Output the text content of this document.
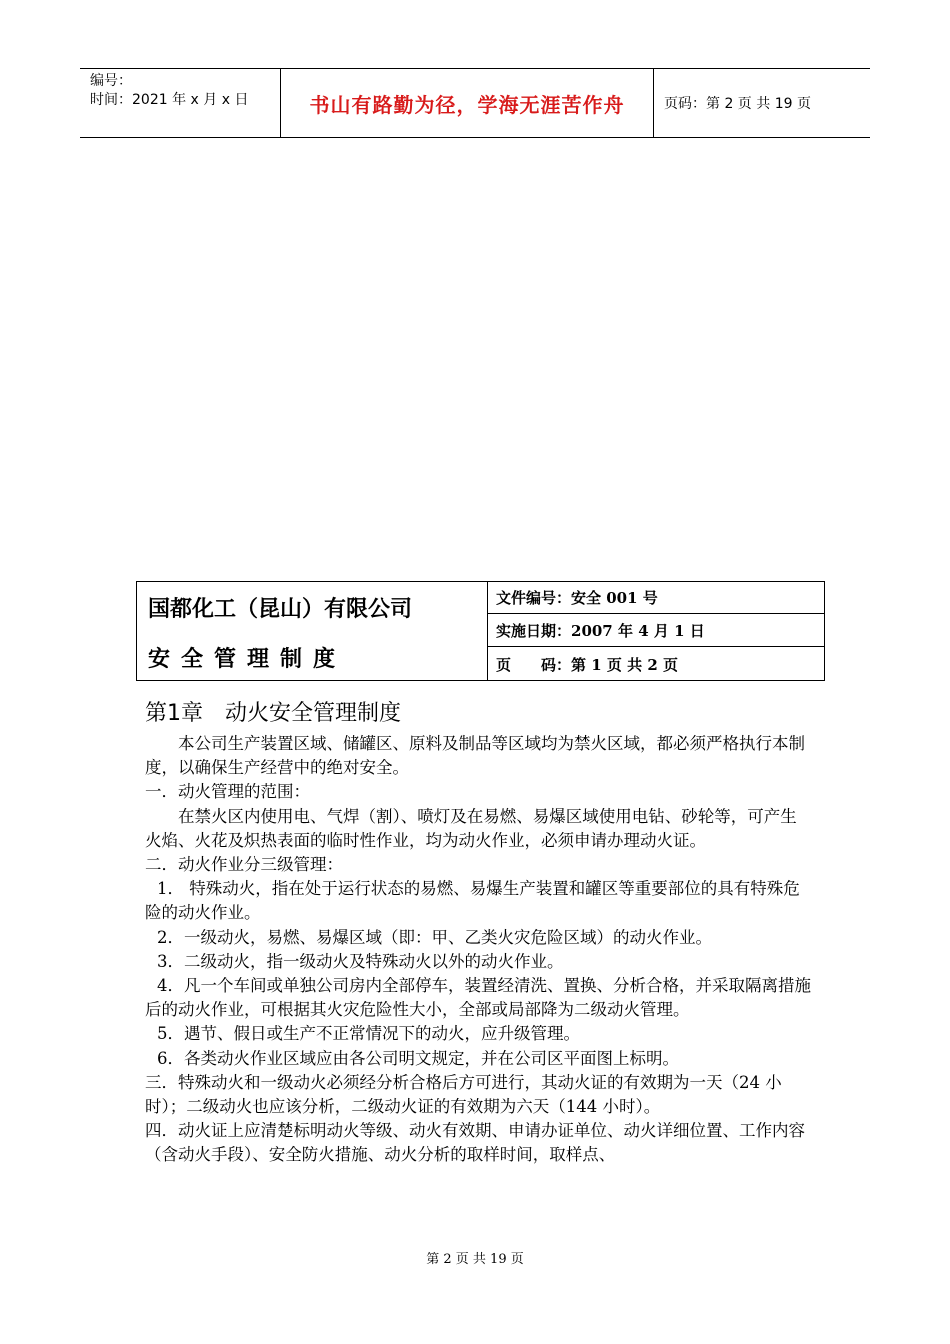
编号：
时间：2021 年 x 月 x 日	书山有路勤为径，学海无涯苦作舟	页码：第 2 页 共 19 页
国都化工（昆山）有限公司
安全管理制度
文件编号：安全 001 号
实施日期：2007 年 4 月 1 日
页　　码：第 1 页 共 2 页
第1章 动火安全管理制度

本公司生产装置区域、储罐区、原料及制品等区域均为禁火区域，都必须严格执行本制度，以确保生产经营中的绝对安全。

一．动火管理的范围：

在禁火区内使用电、气焊（割）、喷灯及在易燃、易爆区域使用电钻、砂轮等，可产生火焰、火花及炽热表面的临时性作业，均为动火作业，必须申请办理动火证。

二．动火作业分三级管理：

1． 特殊动火，指在处于运行状态的易燃、易爆生产装置和罐区等重要部位的具有特殊危险的动火作业。

2．一级动火，易燃、易爆区域（即：甲、乙类火灾危险区域）的动火作业。

3．二级动火，指一级动火及特殊动火以外的动火作业。

4．凡一个车间或单独公司房内全部停车，装置经清洗、置换、分析合格，并采取隔离措施后的动火作业，可根据其火灾危险性大小，全部或局部降为二级动火管理。

5．遇节、假日或生产不正常情况下的动火，应升级管理。

6．各类动火作业区域应由各公司明文规定，并在公司区平面图上标明。

三．特殊动火和一级动火必须经分析合格后方可进行，其动火证的有效期为一天（24 小时）；二级动火也应该分析，二级动火证的有效期为六天（144 小时）。

四．动火证上应清楚标明动火等级、动火有效期、申请办证单位、动火详细位置、工作内容（含动火手段）、安全防火措施、动火分析的取样时间，取样点、

第 2 页 共 19 页
